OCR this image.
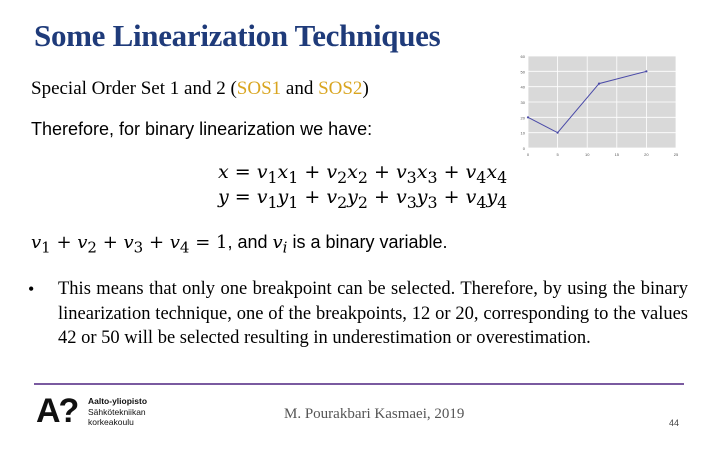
Some Linearization Techniques
Special Order Set 1 and 2 (SOS1 and SOS2)
Therefore, for binary linearization we have:
$x = v_1x_1 + v_2x_2 + v_3x_3 + v_4x_4$
$y = v_1y_1 + v_2y_2 + v_3y_3 + v_4y_4$
$v_1 + v_2 + v_3 + v_4 = 1$, and $v_i$ is a binary variable.
• This means that only one breakpoint can be selected. Therefore, by using the binary linearization technique, one of the breakpoints, 12 or 20, corresponding to the values 42 or 50 will be selected resulting in underestimation or overestimation.
0
10
20
30
40
50
60
0	5	10	15	20	25
A? Aalto-yliopisto
Sähkötekniikan
korkeakoulu	M. Pourakbari Kasmaei, 2019
44
